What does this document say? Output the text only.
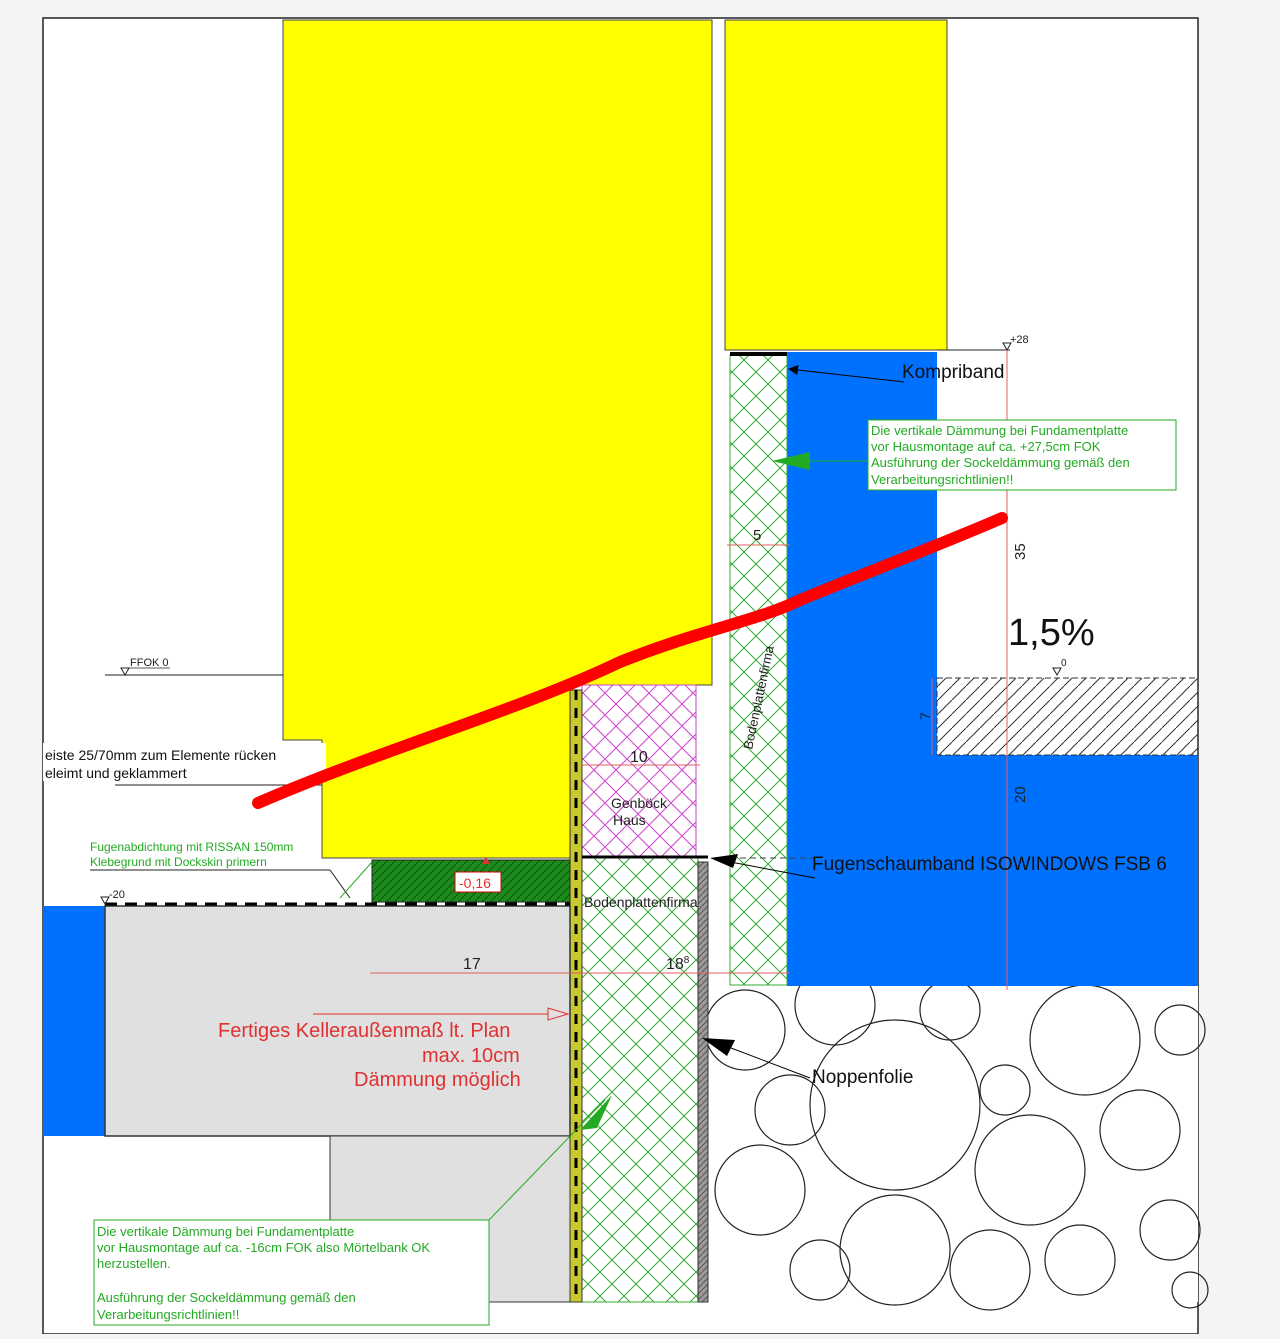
FFOK 0
+28
0
-20
-0,16
35
5
10
7
20
17	$18^8$
1,5%
Kompriband
Fugenschaumband ISOWINDOWS FSB 6
Noppenfolie
Bodenplattenfirma
Bodenplattenfirma
Genböck
Haus
eiste 25/70mm zum Elemente rücken
eleimt und geklammert
Fugenabdichtung mit RISSAN 150mm
Klebegrund mit Dockskin primern
Die vertikale Dämmung bei Fundamentplatte
vor Hausmontage auf ca. +27,5cm FOK
Ausführung der Sockeldämmung gemäß den
Verarbeitungsrichtlinien!!
Die vertikale Dämmung bei Fundamentplatte
vor Hausmontage auf ca. -16cm FOK also Mörtelbank OK
herzustellen.
Ausführung der Sockeldämmung gemäß den
Verarbeitungsrichtlinien!!
Fertiges Kelleraußenmaß lt. Plan
max. 10cm
Dämmung möglich
